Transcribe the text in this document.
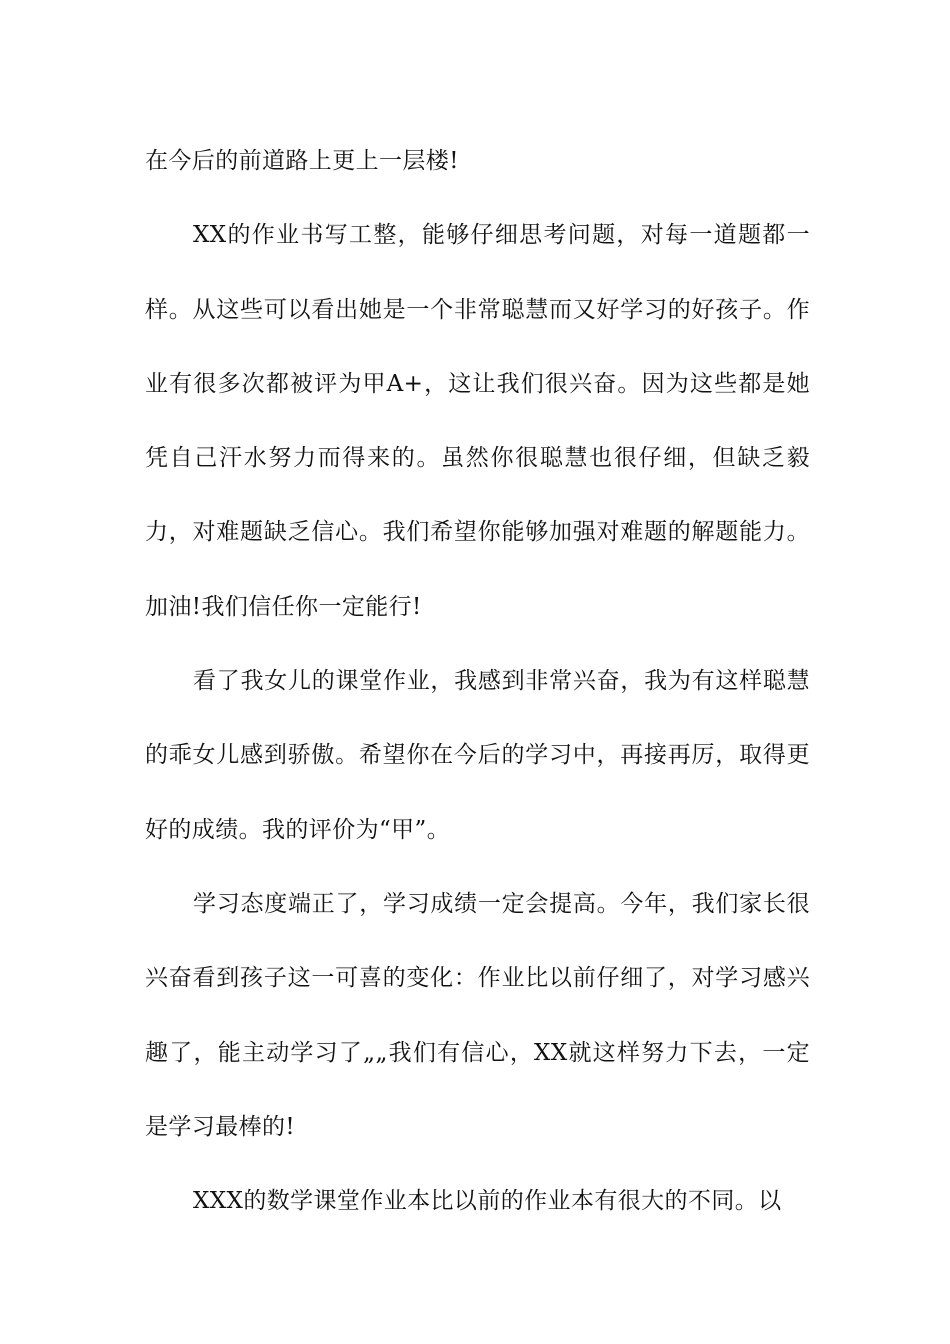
在今后的前道路上更上一层楼!

XX的作业书写工整，能够仔细思考问题，对每一道题都一样。从这些可以看出她是一个非常聪慧而又好学习的好孩子。作业有很多次都被评为甲A+，这让我们很兴奋。因为这些都是她凭自己汗水努力而得来的。虽然你很聪慧也很仔细，但缺乏毅力，对难题缺乏信心。我们希望你能够加强对难题的解题能力。加油!我们信任你一定能行!

看了我女儿的课堂作业，我感到非常兴奋，我为有这样聪慧的乖女儿感到骄傲。希望你在今后的学习中，再接再厉，取得更好的成绩。我的评价为“甲”。

学习态度端正了，学习成绩一定会提高。今年，我们家长很兴奋看到孩子这一可喜的变化：作业比以前仔细了，对学习感兴趣了，能主动学习了„„我们有信心，XX就这样努力下去，一定是学习最棒的!

XXX的数学课堂作业本比以前的作业本有很大的不同。以
